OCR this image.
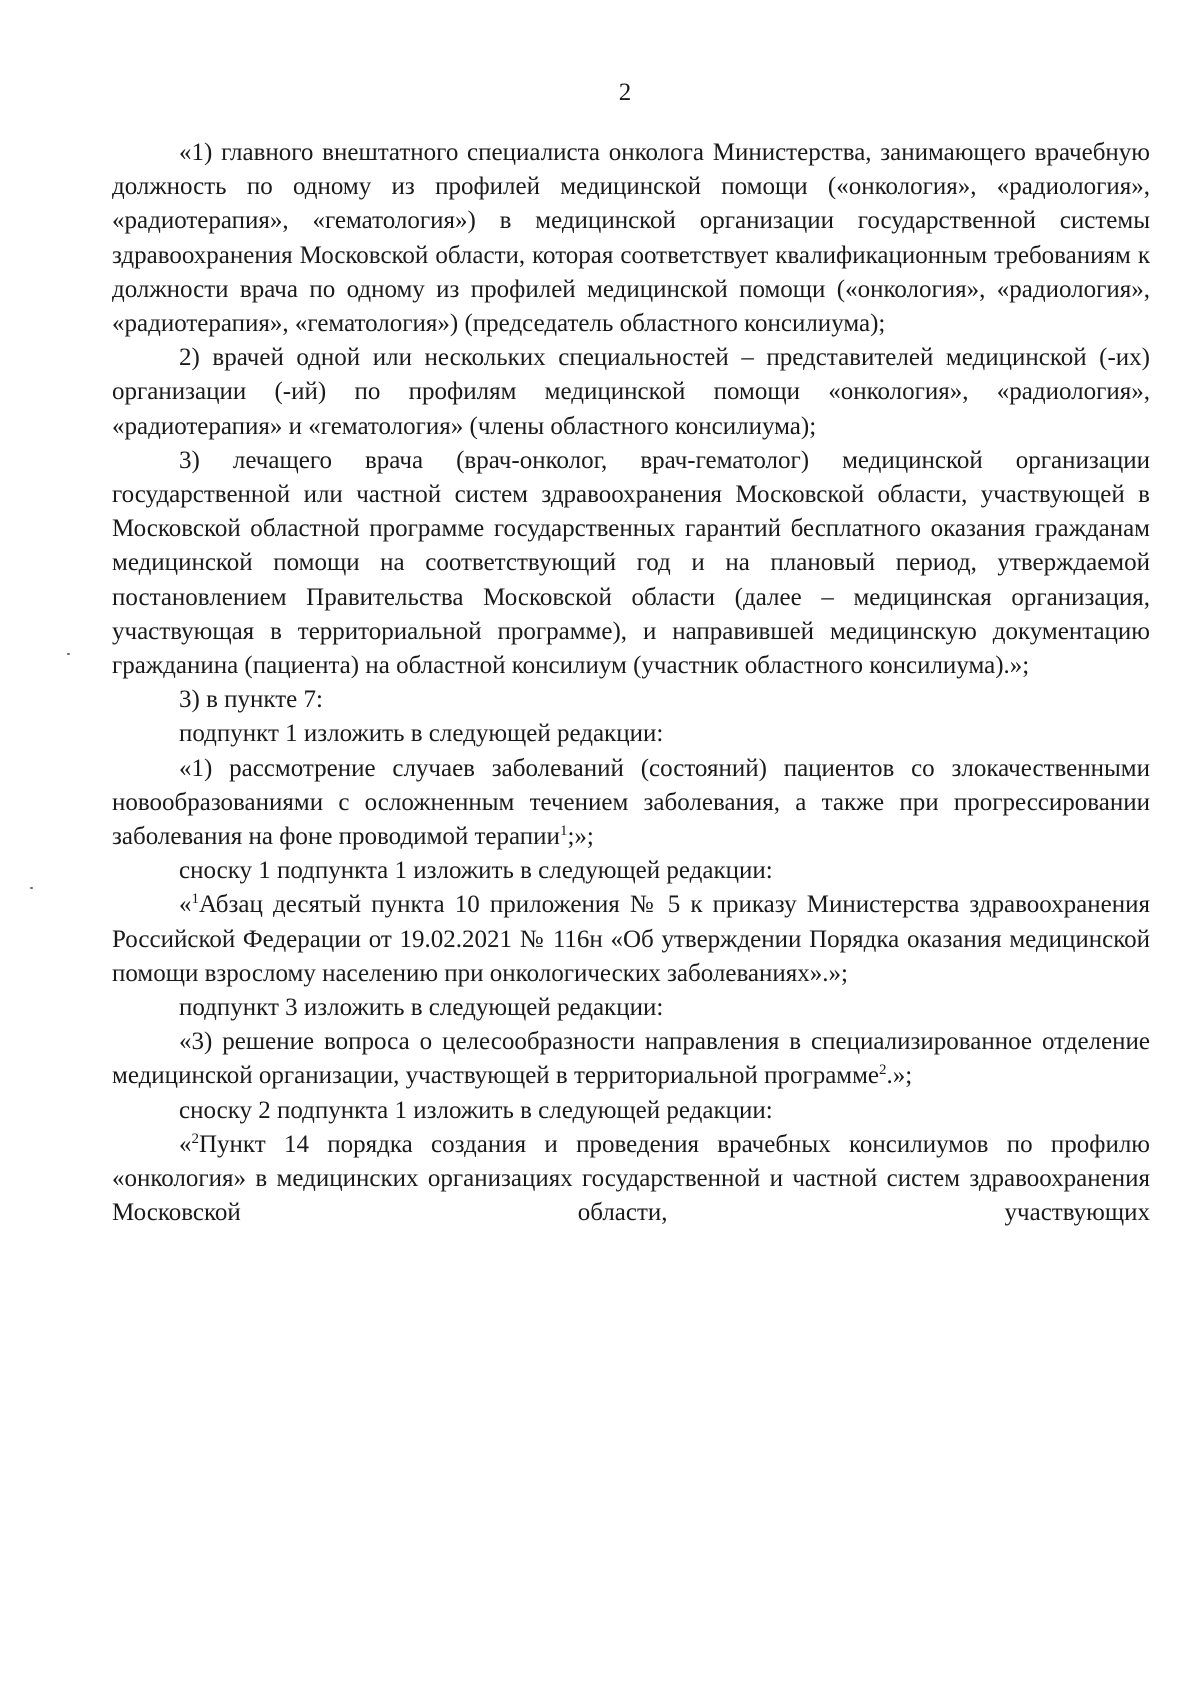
2

«1) главного внештатного специалиста онколога Министерства, занимающего врачебную должность по одному из профилей медицинской помощи («онкология», «радиология», «радиотерапия», «гематология») в медицинской организации государственной системы здравоохранения Московской области, которая соответствует квалификационным требованиям к должности врача по одному из профилей медицинской помощи («онкология», «радиология», «радиотерапия», «гематология») (председатель областного консилиума);

2) врачей одной или нескольких специальностей – представителей медицинской (-их) организации (-ий) по профилям медицинской помощи «онкология», «радиология», «радиотерапия» и «гематология» (члены областного консилиума);

3) лечащего врача (врач-онколог, врач-гематолог) медицинской организации государственной или частной систем здравоохранения Московской области, участвующей в Московской областной программе государственных гарантий бесплатного оказания гражданам медицинской помощи на соответствующий год и на плановый период, утверждаемой постановлением Правительства Московской области (далее – медицинская организация, участвующая в территориальной программе), и направившей медицинскую документацию гражданина (пациента) на областной консилиум (участник областного консилиума).»;

3) в пункте 7:

подпункт 1 изложить в следующей редакции:

«1) рассмотрение случаев заболеваний (состояний) пациентов со злокачественными новообразованиями с осложненным течением заболевания, а также при прогрессировании заболевания на фоне проводимой терапии$^1$;»;

сноску 1 подпункта 1 изложить в следующей редакции:

«$^1$Абзац десятый пункта 10 приложения № 5 к приказу Министерства здравоохранения Российской Федерации от 19.02.2021 № 116н «Об утверждении Порядка оказания медицинской помощи взрослому населению при онкологических заболеваниях».»;

подпункт 3 изложить в следующей редакции:

«3) решение вопроса о целесообразности направления в специализированное отделение медицинской организации, участвующей в территориальной программе$^2$.»;

сноску 2 подпункта 1 изложить в следующей редакции:

«$^2$Пункт 14 порядка создания и проведения врачебных консилиумов по профилю «онкология» в медицинских организациях государственной и частной систем здравоохранения Московской области, участвующих
